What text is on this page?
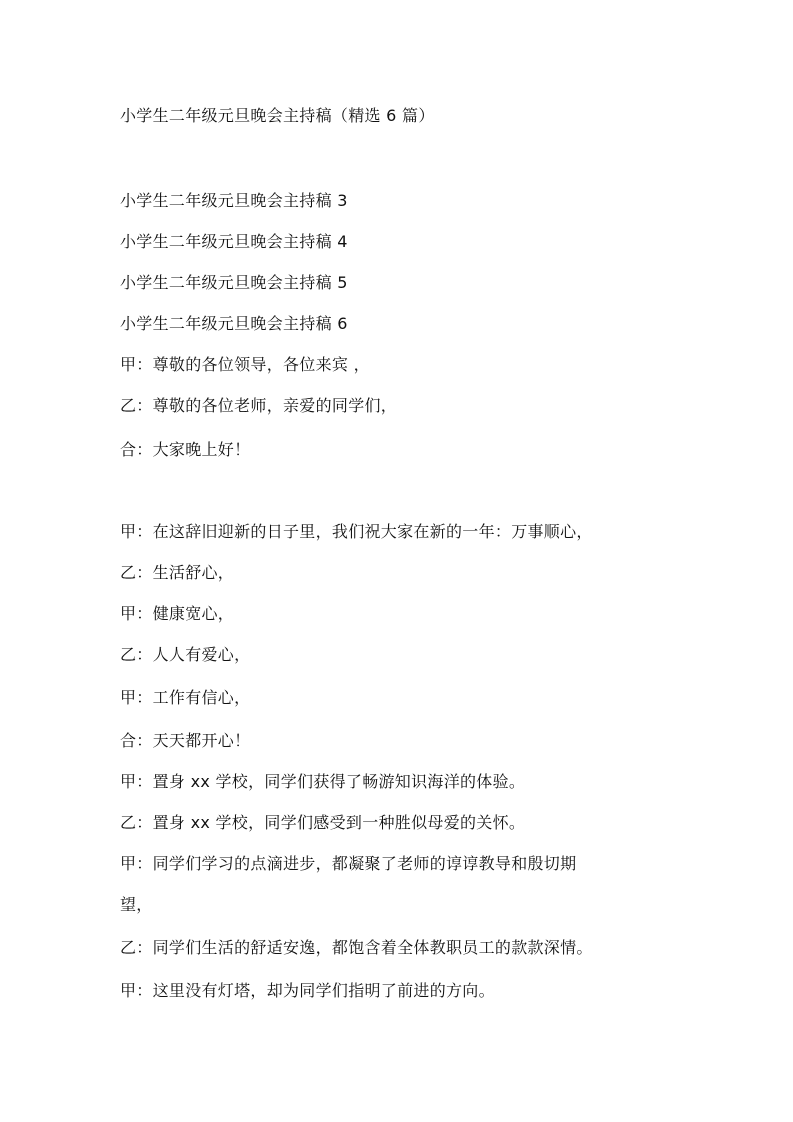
小学生二年级元旦晚会主持稿（精选 6 篇）
小学生二年级元旦晚会主持稿 3
小学生二年级元旦晚会主持稿 4
小学生二年级元旦晚会主持稿 5
小学生二年级元旦晚会主持稿 6
甲：尊敬的各位领导，各位来宾 ，
乙：尊敬的各位老师，亲爱的同学们，
合：大家晚上好！
甲：在这辞旧迎新的日子里，我们祝大家在新的一年：万事顺心，
乙：生活舒心，
甲：健康宽心，
乙：人人有爱心，
甲：工作有信心，
合：天天都开心！
甲：置身 xx 学校，同学们获得了畅游知识海洋的体验。
乙：置身 xx 学校，同学们感受到一种胜似母爱的关怀。
甲：同学们学习的点滴进步，都凝聚了老师的谆谆教导和殷切期
望，
乙：同学们生活的舒适安逸，都饱含着全体教职员工的款款深情。
甲：这里没有灯塔，却为同学们指明了前进的方向。
